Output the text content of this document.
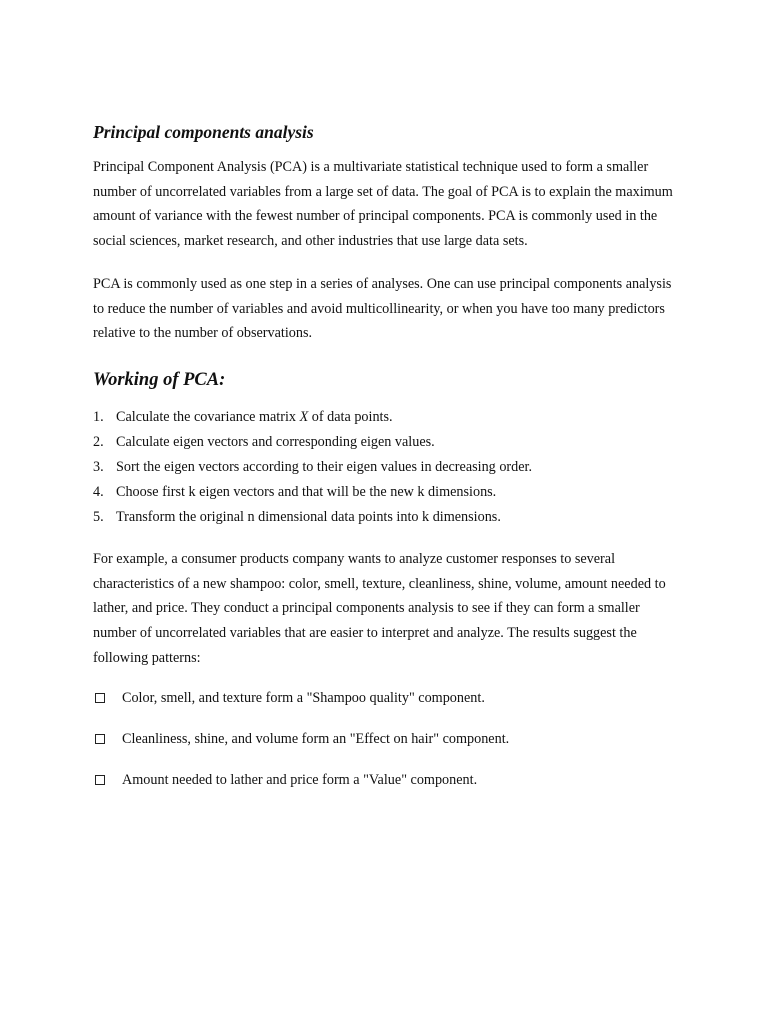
Principal components analysis

Principal Component Analysis (PCA) is a multivariate statistical technique used to form a smaller number of uncorrelated variables from a large set of data. The goal of PCA is to explain the maximum amount of variance with the fewest number of principal components. PCA is commonly used in the social sciences, market research, and other industries that use large data sets.

PCA is commonly used as one step in a series of analyses. One can use principal components analysis to reduce the number of variables and avoid multicollinearity, or when you have too many predictors relative to the number of observations.

Working of PCA:
1. Calculate the covariance matrix X of data points.
2. Calculate eigen vectors and corresponding eigen values.
3. Sort the eigen vectors according to their eigen values in decreasing order.
4. Choose first k eigen vectors and that will be the new k dimensions.
5. Transform the original n dimensional data points into k dimensions.

For example, a consumer products company wants to analyze customer responses to several characteristics of a new shampoo: color, smell, texture, cleanliness, shine, volume, amount needed to lather, and price. They conduct a principal components analysis to see if they can form a smaller number of uncorrelated variables that are easier to interpret and analyze. The results suggest the following patterns:

Color, smell, and texture form a "Shampoo quality" component.
Cleanliness, shine, and volume form an "Effect on hair" component.
Amount needed to lather and price form a "Value" component.
